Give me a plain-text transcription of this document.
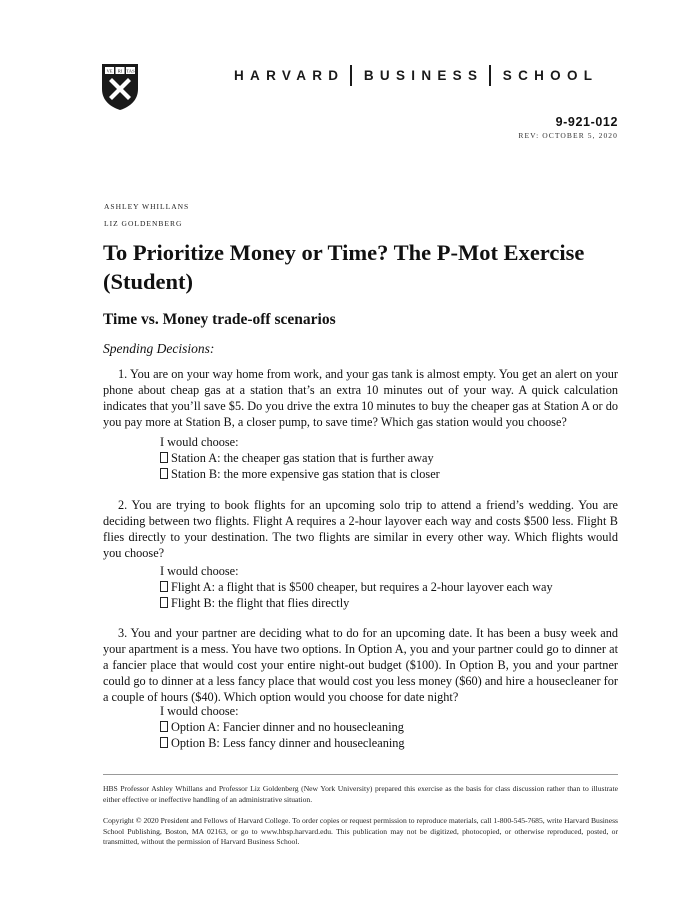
VE RI TAS	HARVARD BUSINESS SCHOOL
9-921-012
REV: OCTOBER 5, 2020
ASHLEY WHILLANS
LIZ GOLDENBERG
To Prioritize Money or Time? The P-Mot Exercise (Student)
Time vs. Money trade-off scenarios
Spending Decisions:

1. You are on your way home from work, and your gas tank is almost empty. You get an alert on your phone about cheap gas at a station that’s an extra 10 minutes out of your way. A quick calculation indicates that you’ll save $5. Do you drive the extra 10 minutes to buy the cheaper gas at Station A or do you pay more at Station B, a closer pump, to save time? Which gas station would you choose?

I would choose:
Station A: the cheaper gas station that is further away
Station B: the more expensive gas station that is closer

2. You are trying to book flights for an upcoming solo trip to attend a friend’s wedding. You are deciding between two flights. Flight A requires a 2-hour layover each way and costs $500 less. Flight B flies directly to your destination. The two flights are similar in every other way. Which flights would you choose?

I would choose:
Flight A: a flight that is $500 cheaper, but requires a 2-hour layover each way
Flight B: the flight that flies directly

3. You and your partner are deciding what to do for an upcoming date. It has been a busy week and your apartment is a mess. You have two options. In Option A, you and your partner could go to dinner at a fancier place that would cost your entire night-out budget ($100). In Option B, you and your partner could go to dinner at a less fancy place that would cost you less money ($60) and hire a housecleaner for a couple of hours ($40). Which option would you choose for date night?

I would choose:
Option A: Fancier dinner and no housecleaning
Option B: Less fancy dinner and housecleaning

HBS Professor Ashley Whillans and Professor Liz Goldenberg (New York University) prepared this exercise as the basis for class discussion rather than to illustrate either effective or ineffective handling of an administrative situation.

Copyright © 2020 President and Fellows of Harvard College. To order copies or request permission to reproduce materials, call 1-800-545-7685, write Harvard Business School Publishing, Boston, MA 02163, or go to www.hbsp.harvard.edu. This publication may not be digitized, photocopied, or otherwise reproduced, posted, or transmitted, without the permission of Harvard Business School.
